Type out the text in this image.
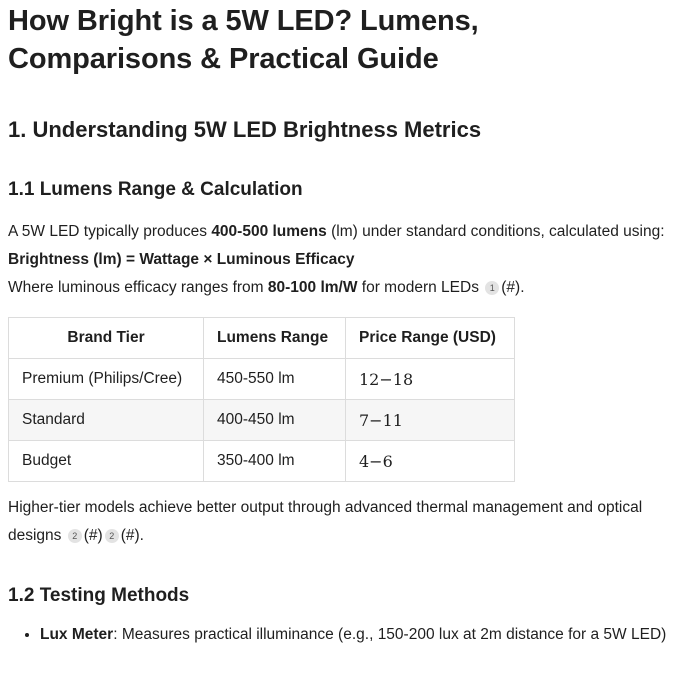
How Bright is a 5W LED? Lumens, Comparisons & Practical Guide
1. Understanding 5W LED Brightness Metrics
1.1 Lumens Range & Calculation

A 5W LED typically produces 400-500 lumens (lm) under standard conditions, calculated using:

Brightness (lm) = Wattage × Luminous Efficacy

Where luminous efficacy ranges from 80-100 lm/W for modern LEDs 1 (#).

Brand Tier	Lumens Range	Price Range (USD)
Premium (Philips/Cree)	450-550 lm	12−18
Standard	400-450 lm	7−11
Budget	350-400 lm	4−6

Higher-tier models achieve better output through advanced thermal management and optical designs 2 (#) 2 (#).

1.2 Testing Methods
• Lux Meter: Measures practical illuminance (e.g., 150-200 lux at 2m distance for a 5W LED)
